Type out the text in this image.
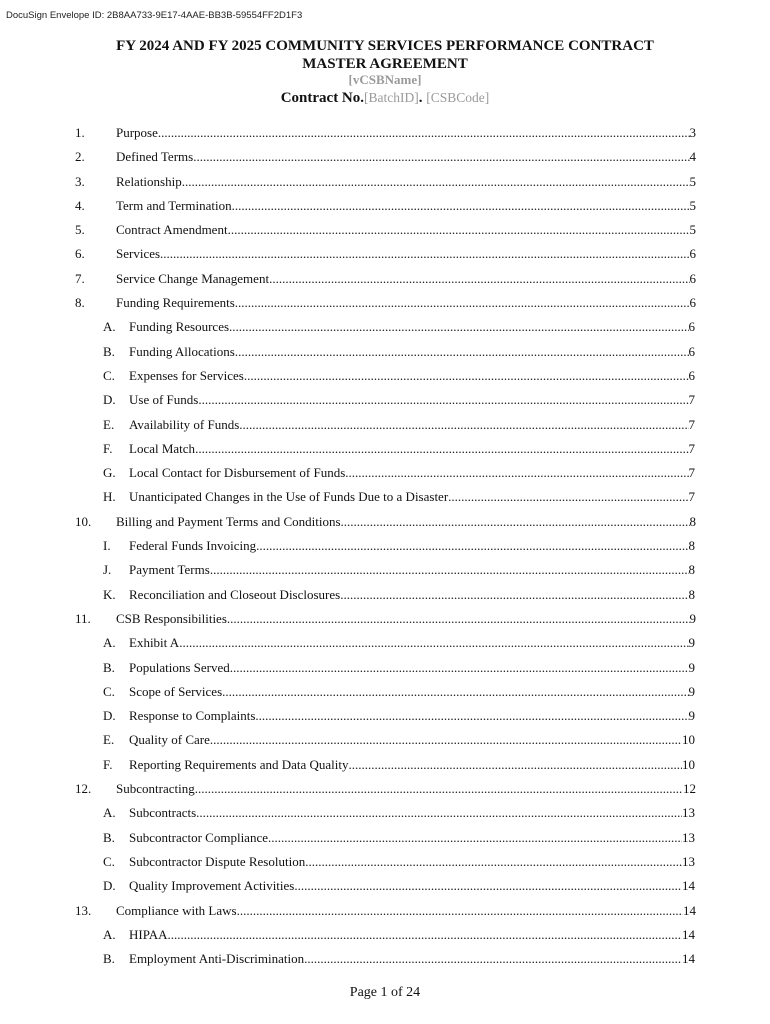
DocuSign Envelope ID: 2B8AA733-9E17-4AAE-BB3B-59554FF2D1F3
FY 2024 AND FY 2025 COMMUNITY SERVICES PERFORMANCE CONTRACT
MASTER AGREEMENT
[vCSBName]
Contract No.[BatchID]. [CSBCode]
1. Purpose .....	3
2. Defined Terms .....	4
3. Relationship .....	5
4. Term and Termination .....	5
5. Contract Amendment .....	5
6. Services .....	6
7. Service Change Management .....	6
8. Funding Requirements .....	6
A. Funding Resources .....	6
B. Funding Allocations .....	6
C. Expenses for Services .....	6
D. Use of Funds .....	7
E. Availability of Funds .....	7
F. Local Match .....	7
G. Local Contact for Disbursement of Funds .....	7
H. Unanticipated Changes in the Use of Funds Due to a Disaster .....	7
10. Billing and Payment Terms and Conditions .....	8
I. Federal Funds Invoicing .....	8
J. Payment Terms .....	8
K. Reconciliation and Closeout Disclosures .....	8
11. CSB Responsibilities .....	9
A. Exhibit A .....	9
B. Populations Served .....	9
C. Scope of Services .....	9
D. Response to Complaints .....	9
E. Quality of Care .....	10
F. Reporting Requirements and Data Quality .....	10
12. Subcontracting .....	12
A. Subcontracts .....	13
B. Subcontractor Compliance .....	13
C. Subcontractor Dispute Resolution .....	13
D. Quality Improvement Activities .....	14
13. Compliance with Laws .....	14
A. HIPAA .....	14
B. Employment Anti-Discrimination .....	14
Page 1 of 24
